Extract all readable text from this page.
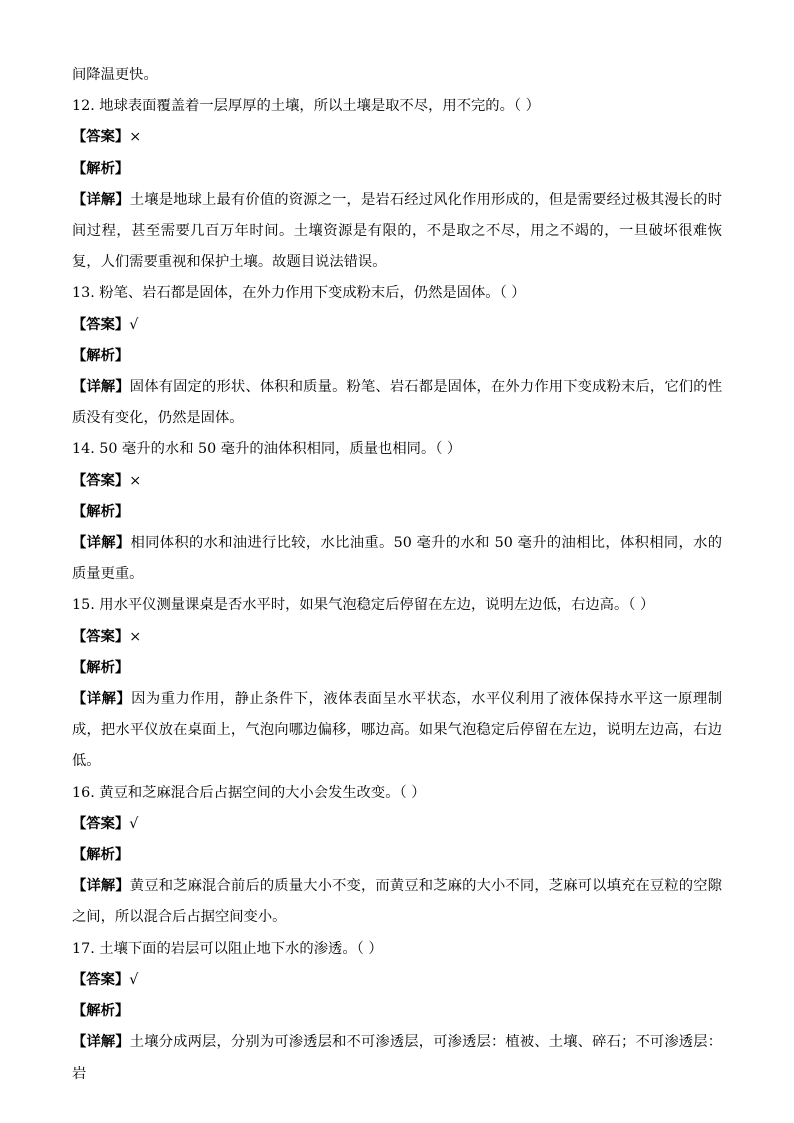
间降温更快。
12. 地球表面覆盖着一层厚厚的土壤，所以土壤是取不尽，用不完的。（ ）
【答案】×
【解析】
【详解】土壤是地球上最有价值的资源之一，是岩石经过风化作用形成的，但是需要经过极其漫长的时间过程，甚至需要几百万年时间。土壤资源是有限的，不是取之不尽，用之不竭的，一旦破坏很难恢复，人们需要重视和保护土壤。故题目说法错误。
13. 粉笔、岩石都是固体，在外力作用下变成粉末后，仍然是固体。（ ）
【答案】√
【解析】
【详解】固体有固定的形状、体积和质量。粉笔、岩石都是固体，在外力作用下变成粉末后，它们的性质没有变化，仍然是固体。
14. 50 毫升的水和 50 毫升的油体积相同，质量也相同。（ ）
【答案】×
【解析】
【详解】相同体积的水和油进行比较，水比油重。50 毫升的水和 50 毫升的油相比，体积相同，水的质量更重。
15. 用水平仪测量课桌是否水平时，如果气泡稳定后停留在左边，说明左边低，右边高。（ ）
【答案】×
【解析】
【详解】因为重力作用，静止条件下，液体表面呈水平状态，水平仪利用了液体保持水平这一原理制成，把水平仪放在桌面上，气泡向哪边偏移，哪边高。如果气泡稳定后停留在左边，说明左边高，右边低。
16. 黄豆和芝麻混合后占据空间的大小会发生改变。（ ）
【答案】√
【解析】
【详解】黄豆和芝麻混合前后的质量大小不变，而黄豆和芝麻的大小不同，芝麻可以填充在豆粒的空隙之间，所以混合后占据空间变小。
17. 土壤下面的岩层可以阻止地下水的渗透。（ ）
【答案】√
【解析】
【详解】土壤分成两层，分别为可渗透层和不可渗透层，可渗透层：植被、土壤、碎石；不可渗透层：岩
